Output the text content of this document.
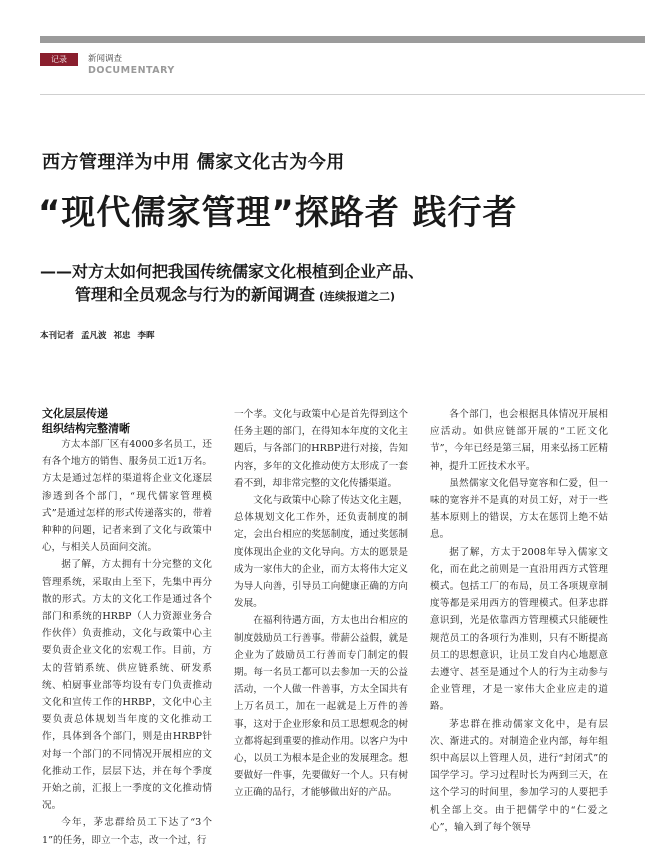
记录	新闻调查
DOCUMENTARY
西方管理洋为中用 儒家文化古为今用
“现代儒家管理”探路者 践行者
——对方太如何把我国传统儒家文化根植到企业产品、
管理和全员观念与行为的新闻调查 (连续报道之二)
本刊记者 孟凡波 祁忠 李晖
文化层层传递
组织结构完整清晰

方太本部厂区有4000多名员工，还有各个地方的销售、服务员工近1万名。方太是通过怎样的渠道将企业文化逐层渗透到各个部门，“现代儒家管理模式”是通过怎样的形式传递落实的，带着种种的问题，记者来到了文化与政策中心，与相关人员面问交流。

据了解，方太拥有十分完整的文化管理系统，采取由上至下，先集中再分散的形式。方太的文化工作是通过各个部门和系统的HRBP（人力资源业务合作伙伴）负责推动，文化与政策中心主要负责企业文化的宏观工作。目前，方太的营销系统、供应链系统、研发系统、柏厨事业部等均设有专门负责推动文化和宣传工作的HRBP，文化中心主要负责总体规划当年度的文化推动工作，具体到各个部门，则是由HRBP针对每一个部门的不同情况开展相应的文化推动工作，层层下达，并在每个季度开始之前，汇报上一季度的文化推动情况。

今年，茅忠群给员工下达了“3个1”的任务，即立一个志，改一个过，行

一个孝。文化与政策中心是首先得到这个任务主题的部门，在得知本年度的文化主题后，与各部门的HRBP进行对接，告知内容，多年的文化推动使方太形成了一套看不到，却非常完整的文化传播渠道。

文化与政策中心除了传达文化主题，总体规划文化工作外，还负责制度的制定，会出台相应的奖惩制度，通过奖惩制度体现出企业的文化导向。方太的愿景是成为一家伟大的企业，而方太将伟大定义为导人向善，引导员工向健康正确的方向发展。

在福利待遇方面，方太也出台相应的制度鼓励员工行善事。带薪公益假，就是企业为了鼓励员工行善而专门制定的假期。每一名员工都可以去参加一天的公益活动，一个人做一件善事，方太全国共有上万名员工，加在一起就是上万件的善事，这对于企业形象和员工思想观念的树立都将起到重要的推动作用。以客户为中心，以员工为根本是企业的发展理念。想要做好一件事，先要做好一个人。只有树立正确的品行，才能够做出好的产品。

各个部门，也会根据具体情况开展相应活动。如供应链部开展的“工匠文化节”，今年已经是第三届，用来弘扬工匠精神，提升工匠技术水平。

虽然儒家文化倡导宽容和仁爱，但一味的宽容并不是真的对员工好，对于一些基本原则上的错误，方太在惩罚上绝不姑息。

据了解，方太于2008年导入儒家文化，而在此之前则是一直沿用西方式管理模式。包括工厂的布局，员工各项规章制度等都是采用西方的管理模式。但茅忠群意识到，光是依靠西方管理模式只能硬性规范员工的各项行为准则，只有不断提高员工的思想意识，让员工发自内心地愿意去遵守、甚至是通过个人的行为主动参与企业管理，才是一家伟大企业应走的道路。

茅忠群在推动儒家文化中，是有层次、渐进式的。对制造企业内部，每年组织中高层以上管理人员，进行“封闭式”的国学学习。学习过程时长为两到三天，在这个学习的时间里，参加学习的人要把手机全部上交。由于把儒学中的“仁爱之心”，输入到了每个领导
